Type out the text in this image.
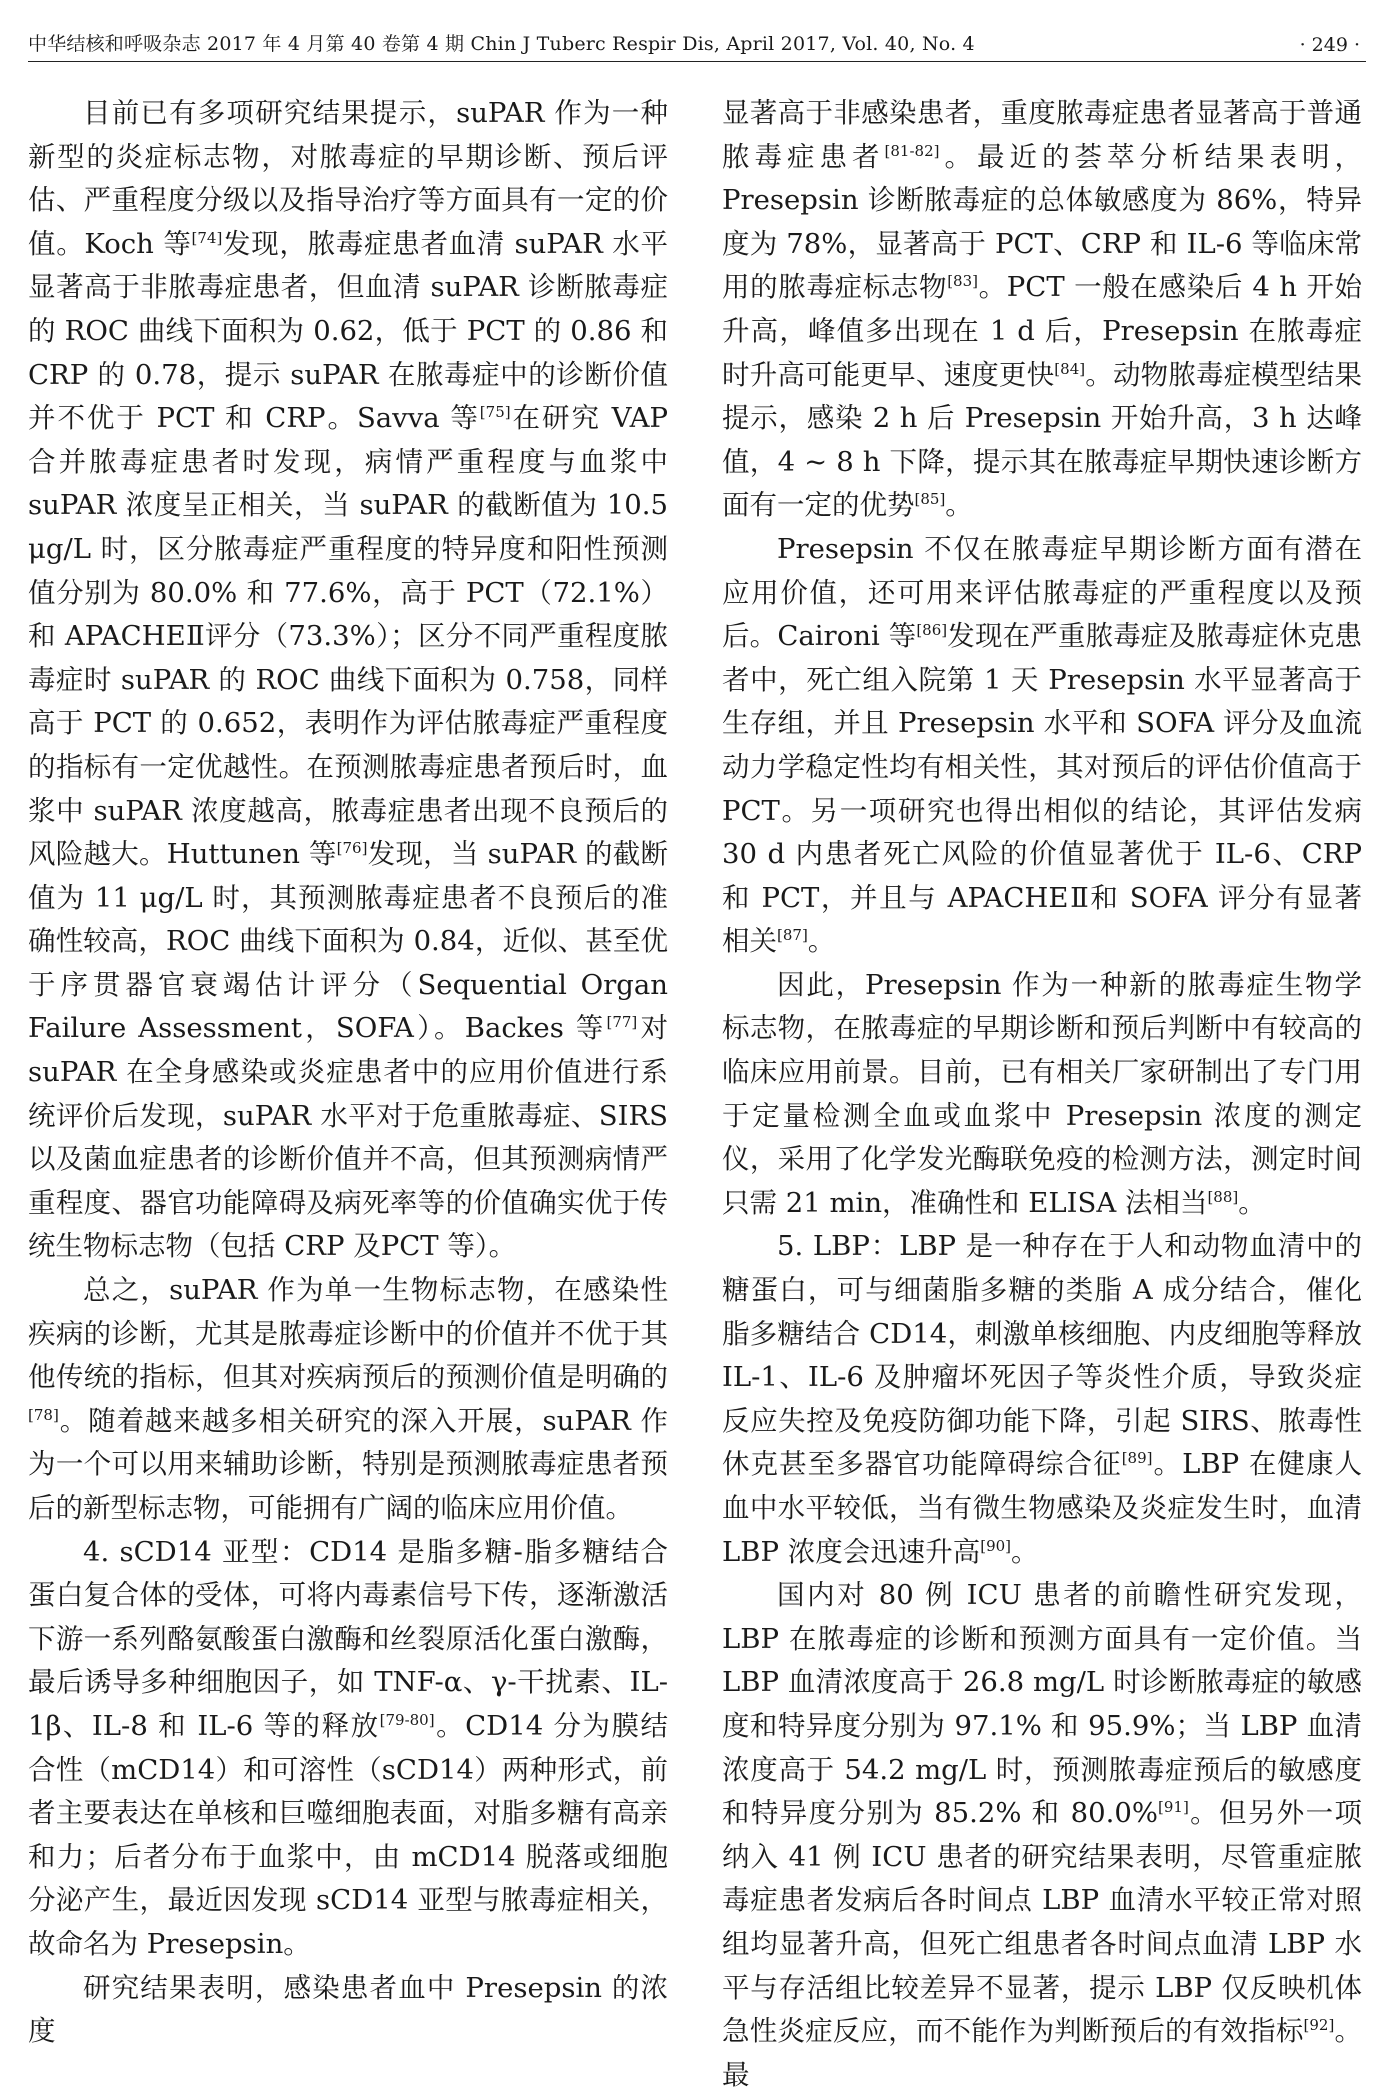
中华结核和呼吸杂志 2017 年 4 月第 40 卷第 4 期 Chin J Tuberc Respir Dis, April 2017, Vol. 40, No. 4	· 249 ·

目前已有多项研究结果提示，suPAR 作为一种新型的炎症标志物，对脓毒症的早期诊断、预后评估、严重程度分级以及指导治疗等方面具有一定的价值。Koch 等[74]发现，脓毒症患者血清 suPAR 水平显著高于非脓毒症患者，但血清 suPAR 诊断脓毒症的 ROC 曲线下面积为 0.62，低于 PCT 的 0.86 和 CRP 的 0.78，提示 suPAR 在脓毒症中的诊断价值并不优于 PCT 和 CRP。Savva 等[75]在研究 VAP 合并脓毒症患者时发现，病情严重程度与血浆中 suPAR 浓度呈正相关，当 suPAR 的截断值为 10.5 μg/L 时，区分脓毒症严重程度的特异度和阳性预测值分别为 80.0% 和 77.6%，高于 PCT（72.1%）和 APACHEⅡ评分（73.3%）；区分不同严重程度脓毒症时 suPAR 的 ROC 曲线下面积为 0.758，同样高于 PCT 的 0.652，表明作为评估脓毒症严重程度的指标有一定优越性。在预测脓毒症患者预后时，血浆中 suPAR 浓度越高，脓毒症患者出现不良预后的风险越大。Huttunen 等[76]发现，当 suPAR 的截断值为 11 μg/L 时，其预测脓毒症患者不良预后的准确性较高，ROC 曲线下面积为 0.84，近似、甚至优于序贯器官衰竭估计评分（Sequential Organ Failure Assessment，SOFA）。Backes 等[77]对 suPAR 在全身感染或炎症患者中的应用价值进行系统评价后发现，suPAR 水平对于危重脓毒症、SIRS 以及菌血症患者的诊断价值并不高，但其预测病情严重程度、器官功能障碍及病死率等的价值确实优于传统生物标志物（包括 CRP 及PCT 等）。

总之，suPAR 作为单一生物标志物，在感染性疾病的诊断，尤其是脓毒症诊断中的价值并不优于其他传统的指标，但其对疾病预后的预测价值是明确的[78]。随着越来越多相关研究的深入开展，suPAR 作为一个可以用来辅助诊断，特别是预测脓毒症患者预后的新型标志物，可能拥有广阔的临床应用价值。

4. sCD14 亚型：CD14 是脂多糖-脂多糖结合蛋白复合体的受体，可将内毒素信号下传，逐渐激活下游一系列酪氨酸蛋白激酶和丝裂原活化蛋白激酶，最后诱导多种细胞因子，如 TNF-α、γ-干扰素、IL-1β、IL-8 和 IL-6 等的释放[79-80]。CD14 分为膜结合性（mCD14）和可溶性（sCD14）两种形式，前者主要表达在单核和巨噬细胞表面，对脂多糖有高亲和力；后者分布于血浆中，由 mCD14 脱落或细胞分泌产生，最近因发现 sCD14 亚型与脓毒症相关，故命名为 Presepsin。

研究结果表明，感染患者血中 Presepsin 的浓度

显著高于非感染患者，重度脓毒症患者显著高于普通脓毒症患者[81-82]。最近的荟萃分析结果表明，Presepsin 诊断脓毒症的总体敏感度为 86%，特异度为 78%，显著高于 PCT、CRP 和 IL-6 等临床常用的脓毒症标志物[83]。PCT 一般在感染后 4 h 开始升高，峰值多出现在 1 d 后，Presepsin 在脓毒症时升高可能更早、速度更快[84]。动物脓毒症模型结果提示，感染 2 h 后 Presepsin 开始升高，3 h 达峰值，4 ~ 8 h 下降，提示其在脓毒症早期快速诊断方面有一定的优势[85]。

Presepsin 不仅在脓毒症早期诊断方面有潜在应用价值，还可用来评估脓毒症的严重程度以及预后。Caironi 等[86]发现在严重脓毒症及脓毒症休克患者中，死亡组入院第 1 天 Presepsin 水平显著高于生存组，并且 Presepsin 水平和 SOFA 评分及血流动力学稳定性均有相关性，其对预后的评估价值高于 PCT。另一项研究也得出相似的结论，其评估发病 30 d 内患者死亡风险的价值显著优于 IL-6、CRP 和 PCT，并且与 APACHEⅡ和 SOFA 评分有显著相关[87]。

因此，Presepsin 作为一种新的脓毒症生物学标志物，在脓毒症的早期诊断和预后判断中有较高的临床应用前景。目前，已有相关厂家研制出了专门用于定量检测全血或血浆中 Presepsin 浓度的测定仪，采用了化学发光酶联免疫的检测方法，测定时间只需 21 min，准确性和 ELISA 法相当[88]。

5. LBP：LBP 是一种存在于人和动物血清中的糖蛋白，可与细菌脂多糖的类脂 A 成分结合，催化脂多糖结合 CD14，刺激单核细胞、内皮细胞等释放 IL-1、IL-6 及肿瘤坏死因子等炎性介质，导致炎症反应失控及免疫防御功能下降，引起 SIRS、脓毒性休克甚至多器官功能障碍综合征[89]。LBP 在健康人血中水平较低，当有微生物感染及炎症发生时，血清 LBP 浓度会迅速升高[90]。

国内对 80 例 ICU 患者的前瞻性研究发现，LBP 在脓毒症的诊断和预测方面具有一定价值。当 LBP 血清浓度高于 26.8 mg/L 时诊断脓毒症的敏感度和特异度分别为 97.1% 和 95.9%；当 LBP 血清浓度高于 54.2 mg/L 时，预测脓毒症预后的敏感度和特异度分别为 85.2% 和 80.0%[91]。但另外一项纳入 41 例 ICU 患者的研究结果表明，尽管重症脓毒症患者发病后各时间点 LBP 血清水平较正常对照组均显著升高，但死亡组患者各时间点血清 LBP 水平与存活组比较差异不显著，提示 LBP 仅反映机体急性炎症反应，而不能作为判断预后的有效指标[92]。最
